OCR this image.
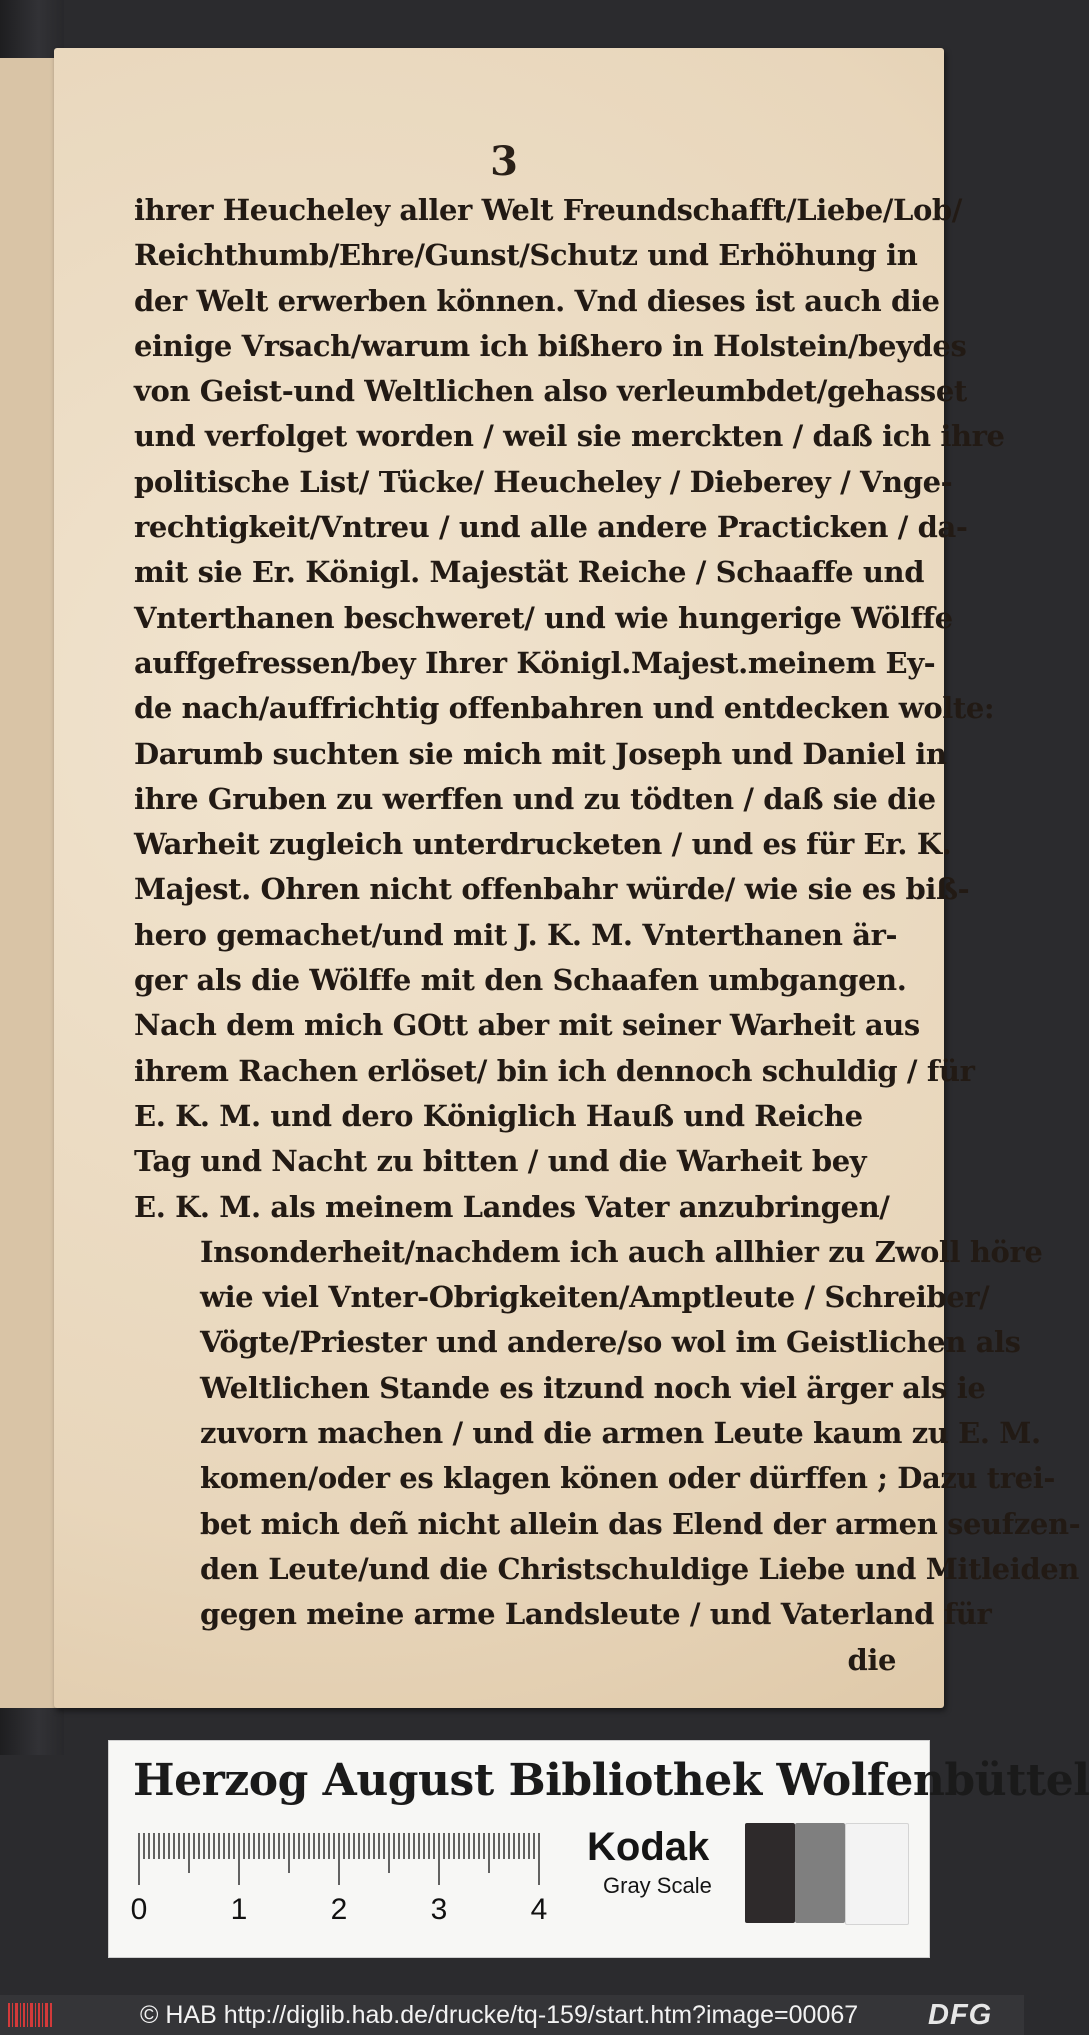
3
ihrer Heucheley aller Welt Freundschafft/Liebe/Lob/
Reichthumb/Ehre/Gunst/Schutz und Erhöhung in
der Welt erwerben können. Vnd dieses ist auch die
einige Vrsach/warum ich bißhero in Holstein/beydes
von Geist-und Weltlichen also verleumbdet/gehasset
und verfolget worden / weil sie merckten / daß ich ihre
politische List/ Tücke/ Heucheley / Dieberey / Vnge-
rechtigkeit/Vntreu / und alle andere Practicken / da-
mit sie Er. Königl. Majestät Reiche / Schaaffe und
Vnterthanen beschweret/ und wie hungerige Wölffe
auffgefressen/bey Ihrer Königl.Majest.meinem Ey-
de nach/auffrichtig offenbahren und entdecken wolte:
Darumb suchten sie mich mit Joseph und Daniel in
ihre Gruben zu werffen und zu tödten / daß sie die
Warheit zugleich unterdrucketen / und es für Er. K.
Majest. Ohren nicht offenbahr würde/ wie sie es biß-
hero gemachet/und mit J. K. M. Vnterthanen är-
ger als die Wölffe mit den Schaafen umbgangen.
Nach dem mich GOtt aber mit seiner Warheit aus
ihrem Rachen erlöset/ bin ich dennoch schuldig / für
E. K. M. und dero Königlich Hauß und Reiche
Tag und Nacht zu bitten / und die Warheit bey
E. K. M. als meinem Landes Vater anzubringen/
Insonderheit/nachdem ich auch allhier zu Zwoll höre
wie viel Vnter-Obrigkeiten/Amptleute / Schreiber/
Vögte/Priester und andere/so wol im Geistlichen als
Weltlichen Stande es itzund noch viel ärger als ie
zuvorn machen / und die armen Leute kaum zu E. M.
komen/oder es klagen könen oder dürffen ; Dazu trei-
bet mich deñ nicht allein das Elend der armen seufzen-
den Leute/und die Christschuldige Liebe und Mitleiden
gegen meine arme Landsleute / und Vaterland für
die
Herzog August Bibliothek Wolfenbüttel
0	1	2	3	4
Kodak
Gray Scale
© HAB http://diglib.hab.de/drucke/tq-159/start.htm?image=00067	DFG
